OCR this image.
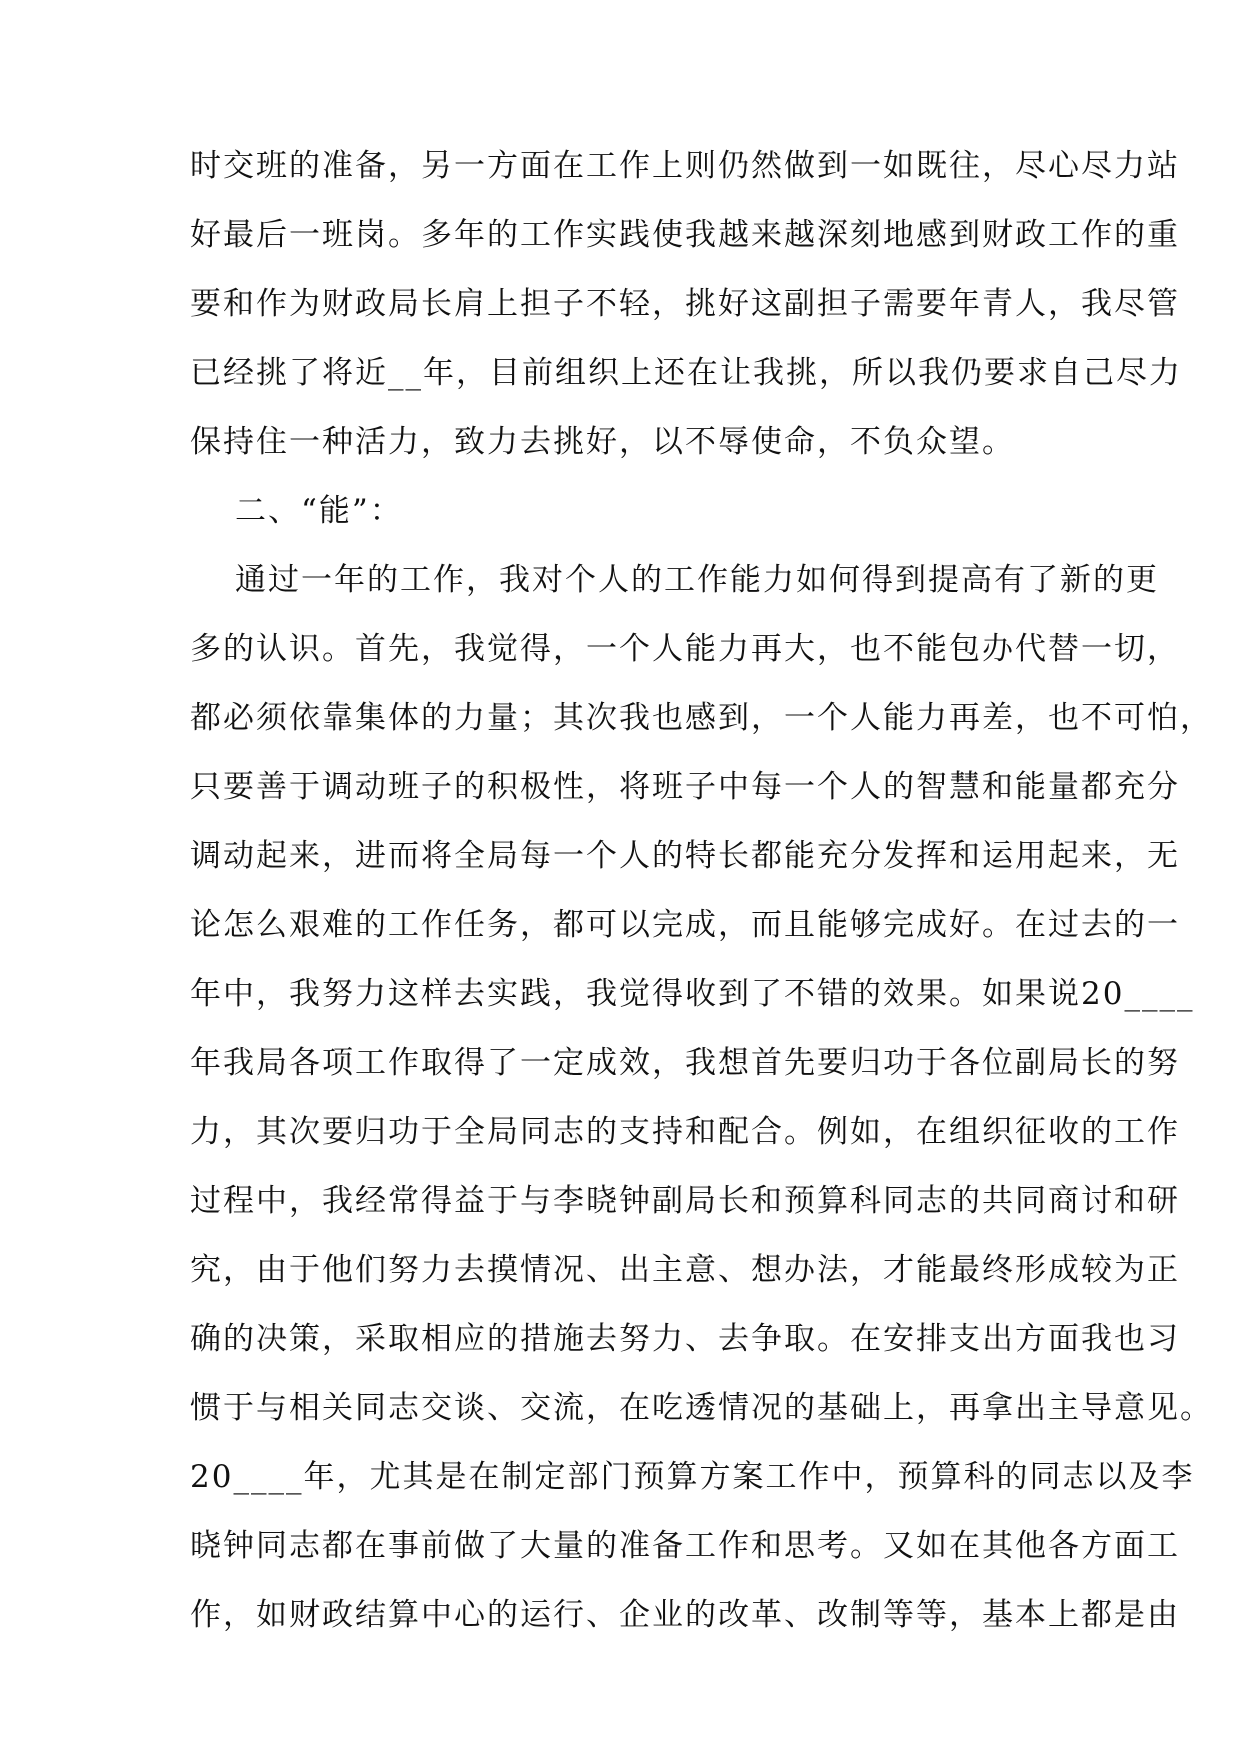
时交班的准备，另一方面在工作上则仍然做到一如既往，尽心尽力站
好最后一班岗。多年的工作实践使我越来越深刻地感到财政工作的重
要和作为财政局长肩上担子不轻，挑好这副担子需要年青人，我尽管
已经挑了将近__年，目前组织上还在让我挑，所以我仍要求自己尽力
保持住一种活力，致力去挑好，以不辱使命，不负众望。
二、“能”：
通过一年的工作，我对个人的工作能力如何得到提高有了新的更
多的认识。首先，我觉得，一个人能力再大，也不能包办代替一切，
都必须依靠集体的力量；其次我也感到，一个人能力再差，也不可怕，
只要善于调动班子的积极性，将班子中每一个人的智慧和能量都充分
调动起来，进而将全局每一个人的特长都能充分发挥和运用起来，无
论怎么艰难的工作任务，都可以完成，而且能够完成好。在过去的一
年中，我努力这样去实践，我觉得收到了不错的效果。如果说20____
年我局各项工作取得了一定成效，我想首先要归功于各位副局长的努
力，其次要归功于全局同志的支持和配合。例如，在组织征收的工作
过程中，我经常得益于与李晓钟副局长和预算科同志的共同商讨和研
究，由于他们努力去摸情况、出主意、想办法，才能最终形成较为正
确的决策，采取相应的措施去努力、去争取。在安排支出方面我也习
惯于与相关同志交谈、交流，在吃透情况的基础上，再拿出主导意见。
20____年，尤其是在制定部门预算方案工作中，预算科的同志以及李
晓钟同志都在事前做了大量的准备工作和思考。又如在其他各方面工
作，如财政结算中心的运行、企业的改革、改制等等，基本上都是由
